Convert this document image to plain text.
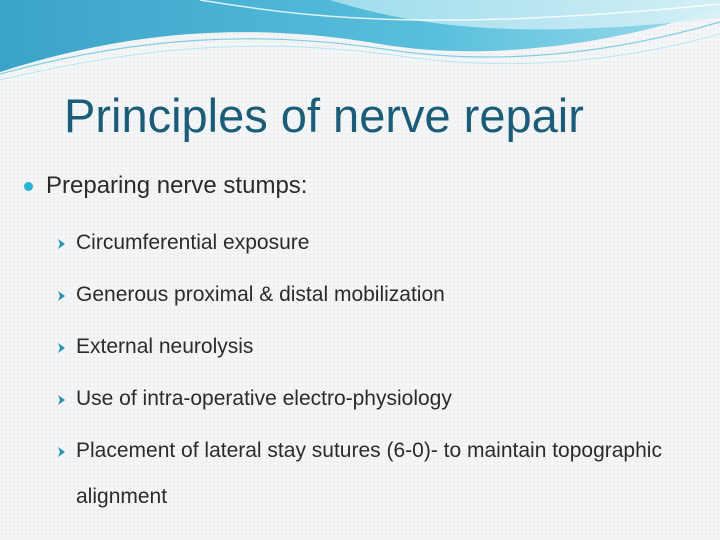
Principles of nerve repair
Preparing nerve stumps:
Circumferential exposure
Generous proximal & distal mobilization
External neurolysis
Use of intra-operative electro-physiology
Placement of lateral stay sutures (6-0)- to maintain topographic alignment
